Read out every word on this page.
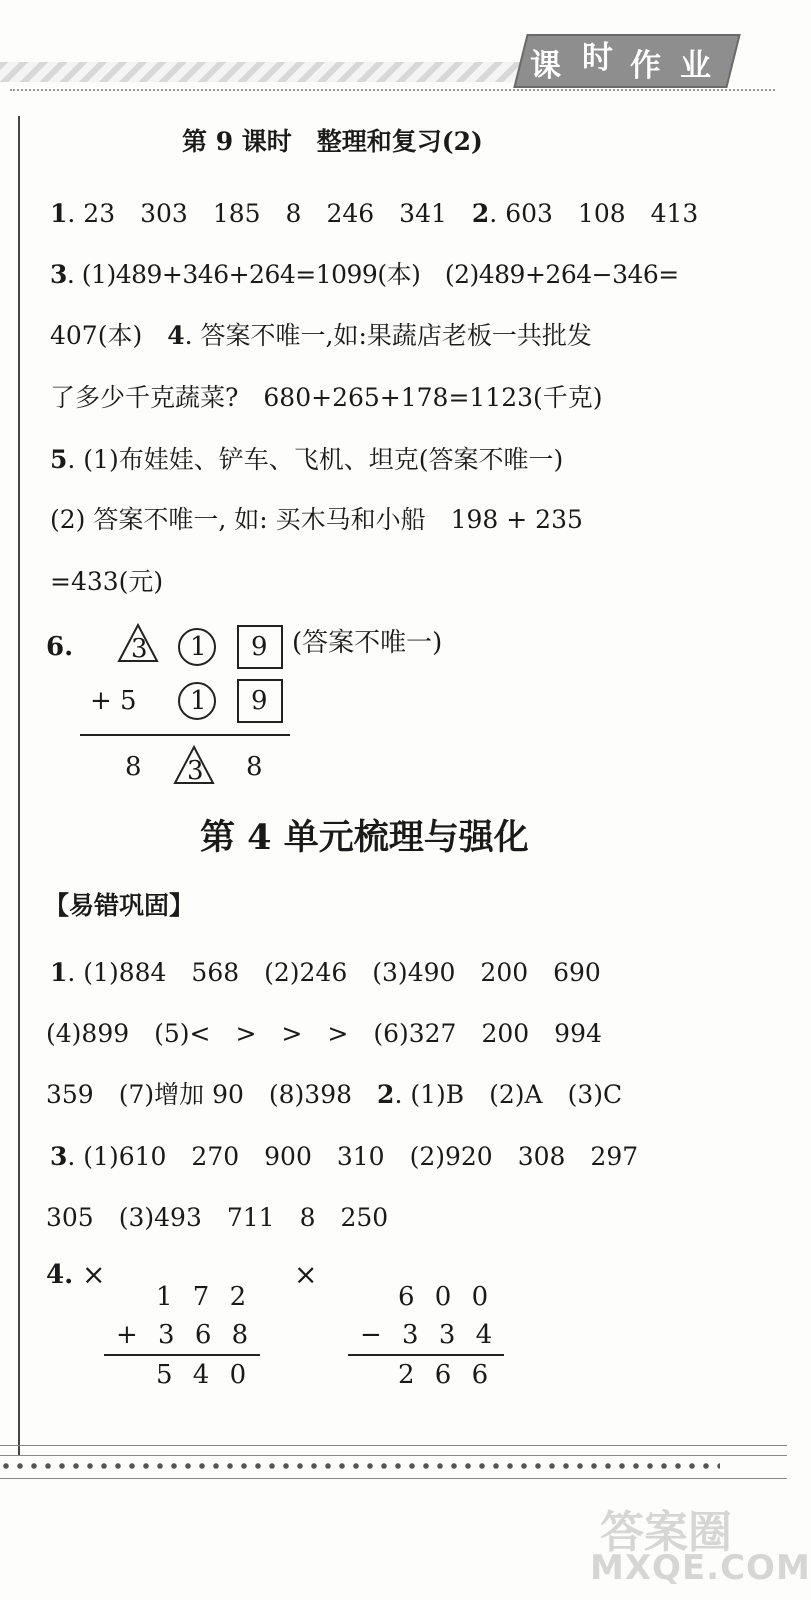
课 时 作 业
第 9 课时　整理和复习(2)
1. 23　303　185　8　246　341　2. 603　108　413
3. (1)489+346+264=1099(本)　(2)489+264−346=
407(本)　4. 答案不唯一,如:果蔬店老板一共批发
了多少千克蔬菜?　680+265+178=1123(千克)
5. (1)布娃娃、铲车、飞机、坦克(答案不唯一)
(2) 答案不唯一, 如: 买木马和小船　198 + 235
=433(元)
6. 3 1 9 (答案不唯一)
+ 5 1 9
8 3 8
第 4 单元梳理与强化
【易错巩固】
1. (1)884　568　(2)246　(3)490　200　690
(4)899　(5)<　>　>　>　(6)327　200　994
359　(7)增加 90　(8)398　2. (1)B　(2)A　(3)C
3. (1)610　270　900　310　(2)920　308　297
305　(3)493　711　8　250
4. ×	×
1 7 2
+ 3 6 8
5 4 0
6 0 0
− 3 3 4
2 6 6
答案圈
MXQE.COM
